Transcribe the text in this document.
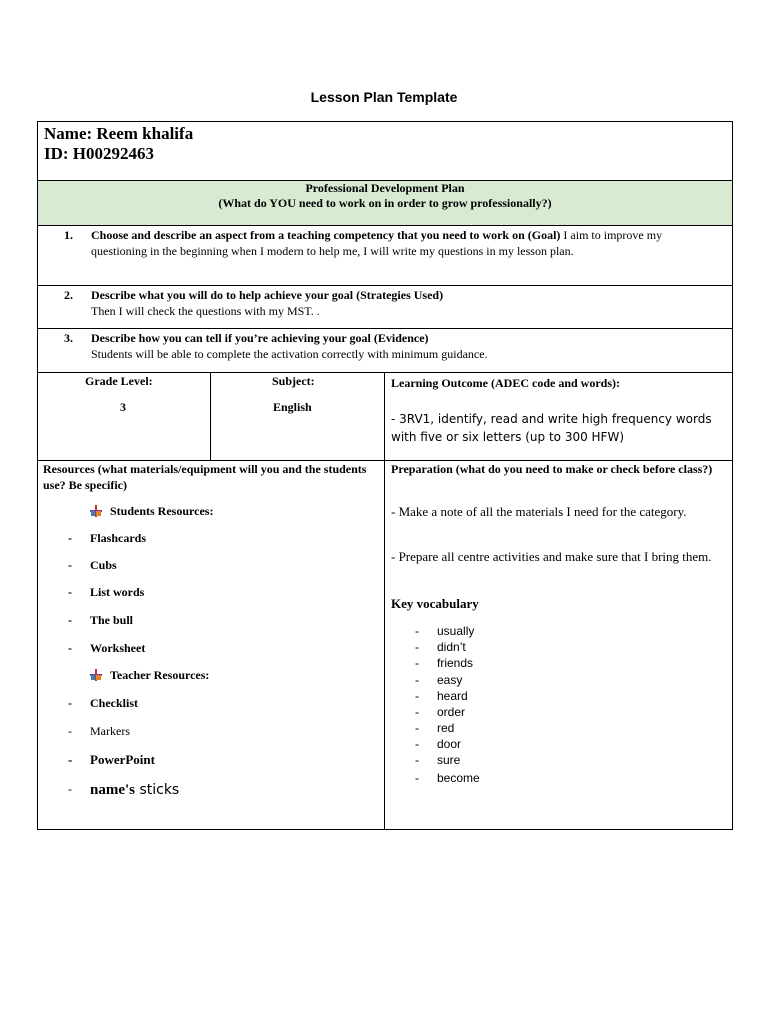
Lesson Plan Template
Name: Reem khalifa
ID: H00292463
Professional Development Plan
(What do YOU need to work on in order to grow professionally?)
1.	Choose and describe an aspect from a teaching competency that you need to work on (Goal) I aim to improve my questioning in the beginning when I modern to help me, I will write my questions in my lesson plan.
2.	Describe what you will do to help achieve your goal (Strategies Used)
Then I will check the questions with my MST. .
3.	Describe how you can tell if you’re achieving your goal (Evidence)
Students will be able to complete the activation correctly with minimum guidance.
Grade Level:
3
Subject:
English
Learning Outcome (ADEC code and words):
- 3RV1, identify, read and write high frequency words with five or six letters (up to 300 HFW)
Resources (what materials/equipment will you and the students use? Be specific)
Students Resources:
- Flashcards
- Cubs
- List words
- The bull
- Worksheet
Teacher Resources:
- Checklist
- Markers
- PowerPoint
- name's sticks
Preparation (what do you need to make or check before class?)
- Make a note of all the materials I need for the category.
- Prepare all centre activities and make sure that I bring them.
Key vocabulary
- usually
- didn’t
- friends
- easy
- heard
- order
- red
- door
- sure
- become
